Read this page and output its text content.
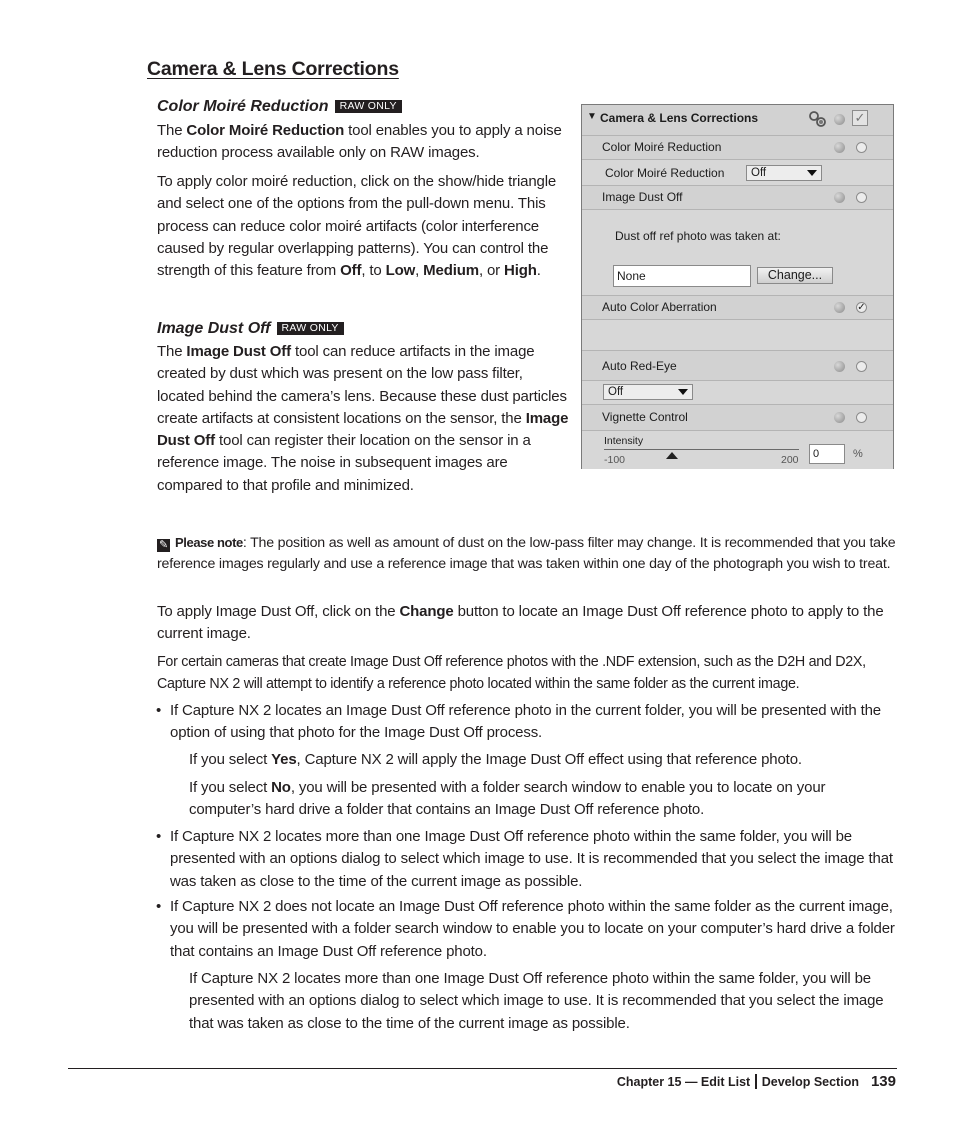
Camera & Lens Corrections
Color Moiré Reduction RAW ONLY
The Color Moiré Reduction tool enables you to apply a noise reduction process available only on RAW images.
To apply color moiré reduction, click on the show/hide triangle and select one of the options from the pull-down menu. This process can reduce color moiré artifacts (color interference caused by regular overlapping patterns). You can control the strength of this feature from Off, to Low, Medium, or High.
Image Dust Off RAW ONLY
The Image Dust Off tool can reduce artifacts in the image created by dust which was present on the low pass filter, located behind the camera’s lens. Because these dust particles create artifacts at consistent locations on the sensor, the Image Dust Off tool can register their location on the sensor in a reference image. The noise in subsequent images are compared to that profile and minimized.
▼ Camera & Lens Corrections	✓
Color Moiré Reduction
Color Moiré Reduction	Off
Image Dust Off
Dust off ref photo was taken at:
None	Change...
Auto Color Aberration	✓
Auto Red-Eye
Off
Vignette Control
Intensity
-100	200	0	%
✎ Please note: The position as well as amount of dust on the low-pass filter may change. It is recommended that you take reference images regularly and use a reference image that was taken within one day of the photograph you wish to treat.
To apply Image Dust Off, click on the Change button to locate an Image Dust Off reference photo to apply to the current image.
For certain cameras that create Image Dust Off reference photos with the .NDF extension, such as the D2H and D2X, Capture NX 2 will attempt to identify a reference photo located within the same folder as the current image.
• If Capture NX 2 locates an Image Dust Off reference photo in the current folder, you will be presented with the option of using that photo for the Image Dust Off process.
If you select Yes, Capture NX 2 will apply the Image Dust Off effect using that reference photo.
If you select No, you will be presented with a folder search window to enable you to locate on your computer’s hard drive a folder that contains an Image Dust Off reference photo.
• If Capture NX 2 locates more than one Image Dust Off reference photo within the same folder, you will be presented with an options dialog to select which image to use. It is recommended that you select the image that was taken as close to the time of the current image as possible.
• If Capture NX 2 does not locate an Image Dust Off reference photo within the same folder as the current image, you will be presented with a folder search window to enable you to locate on your computer’s hard drive a folder that contains an Image Dust Off reference photo.
If Capture NX 2 locates more than one Image Dust Off reference photo within the same folder, you will be presented with an options dialog to select which image to use. It is recommended that you select the image that was taken as close to the time of the current image as possible.
Chapter 15 — Edit List Develop Section 139
